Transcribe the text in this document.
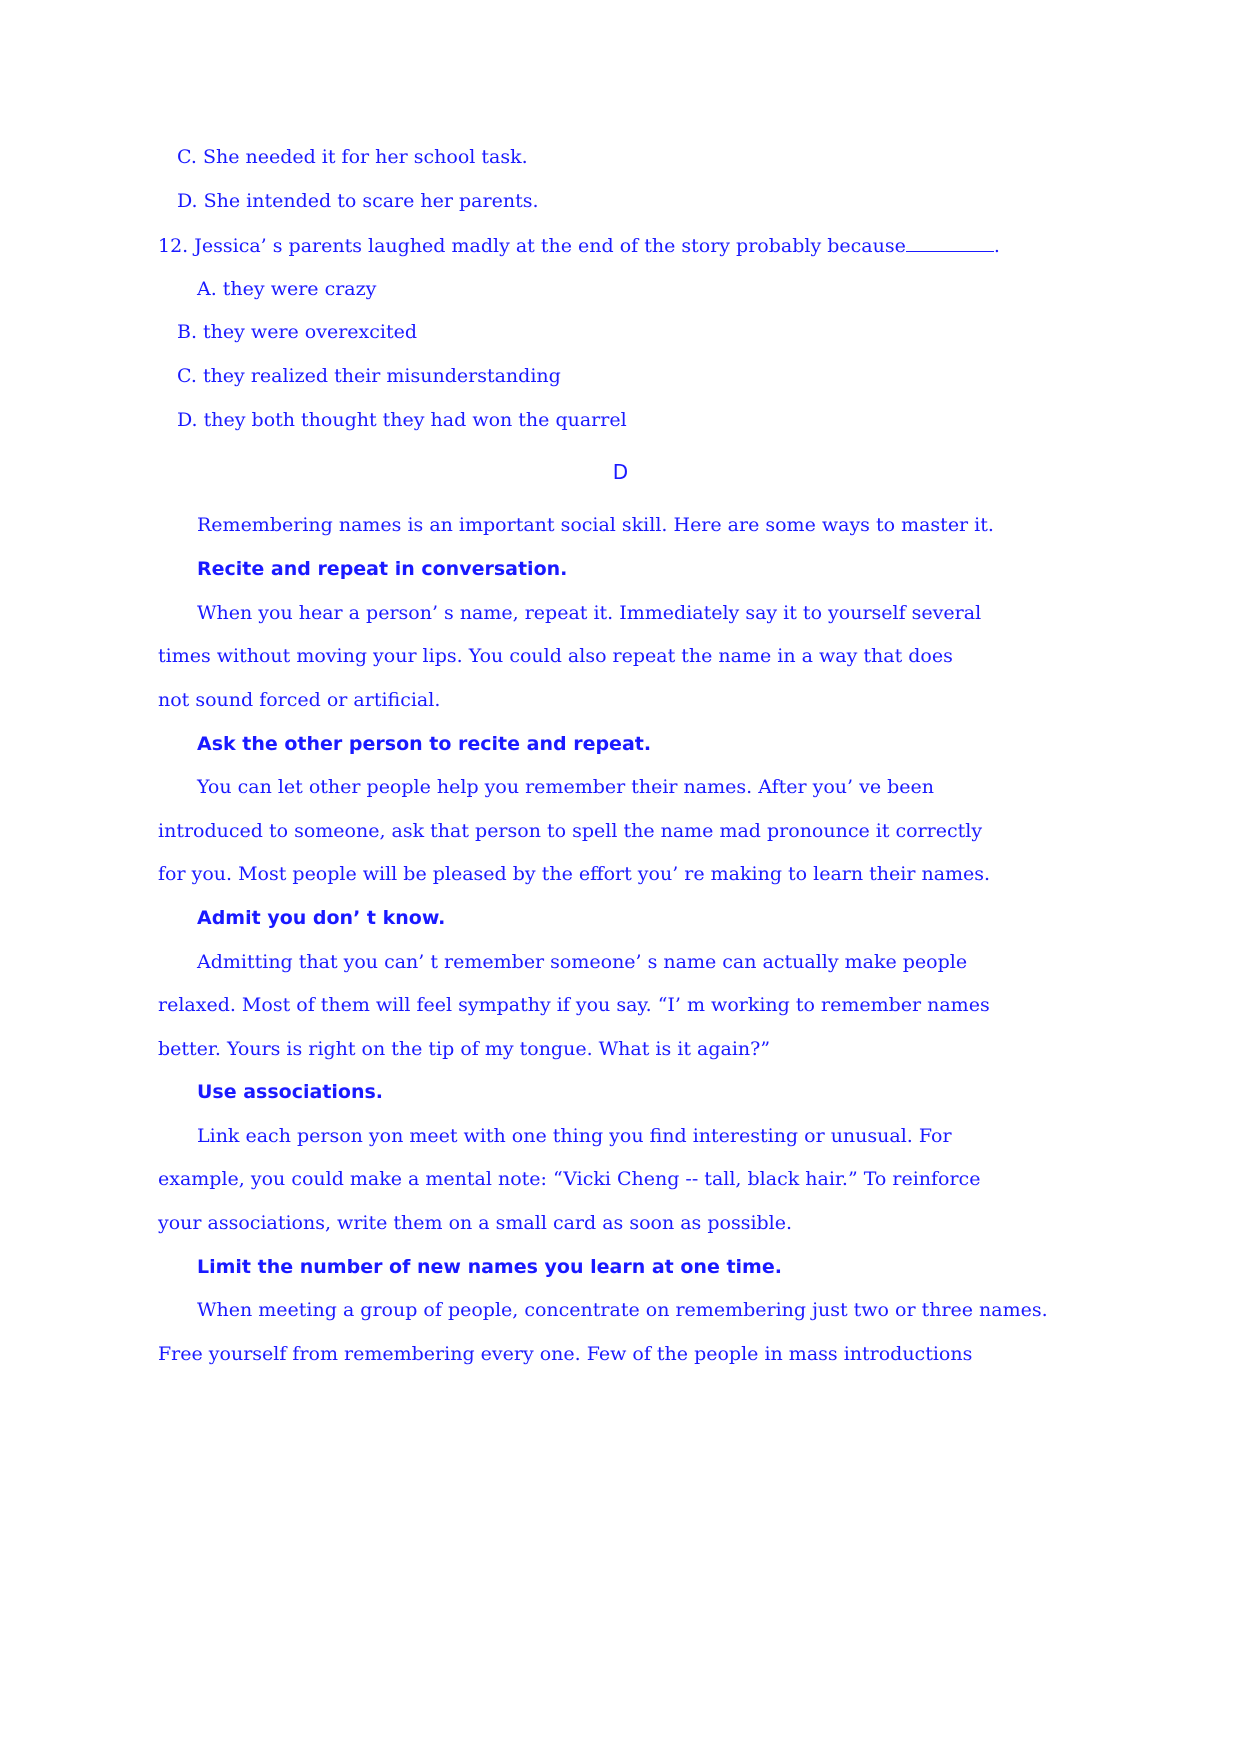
C. She needed it for her school task.

D. She intended to scare her parents.

12. Jessica’ s parents laughed madly at the end of the story probably because	.

A. they were crazy

B. they were overexcited

C. they realized their misunderstanding

D. they both thought they had won the quarrel

D

Remembering names is an important social skill. Here are some ways to master it.

Recite and repeat in conversation.

When you hear a person’ s name, repeat it. Immediately say it to yourself several

times without moving your lips. You could also repeat the name in a way that does

not sound forced or artificial.

Ask the other person to recite and repeat.

You can let other people help you remember their names. After you’ ve been

introduced to someone, ask that person to spell the name mad pronounce it correctly

for you. Most people will be pleased by the effort you’ re making to learn their names.

Admit you don’ t know.

Admitting that you can’ t remember someone’ s name can actually make people

relaxed. Most of them will feel sympathy if you say. “I’ m working to remember names

better. Yours is right on the tip of my tongue. What is it again?”

Use associations.

Link each person yon meet with one thing you find interesting or unusual. For

example, you could make a mental note: “Vicki Cheng -- tall, black hair.” To reinforce

your associations, write them on a small card as soon as possible.

Limit the number of new names you learn at one time.

When meeting a group of people, concentrate on remembering just two or three names.

Free yourself from remembering every one. Few of the people in mass introductions
